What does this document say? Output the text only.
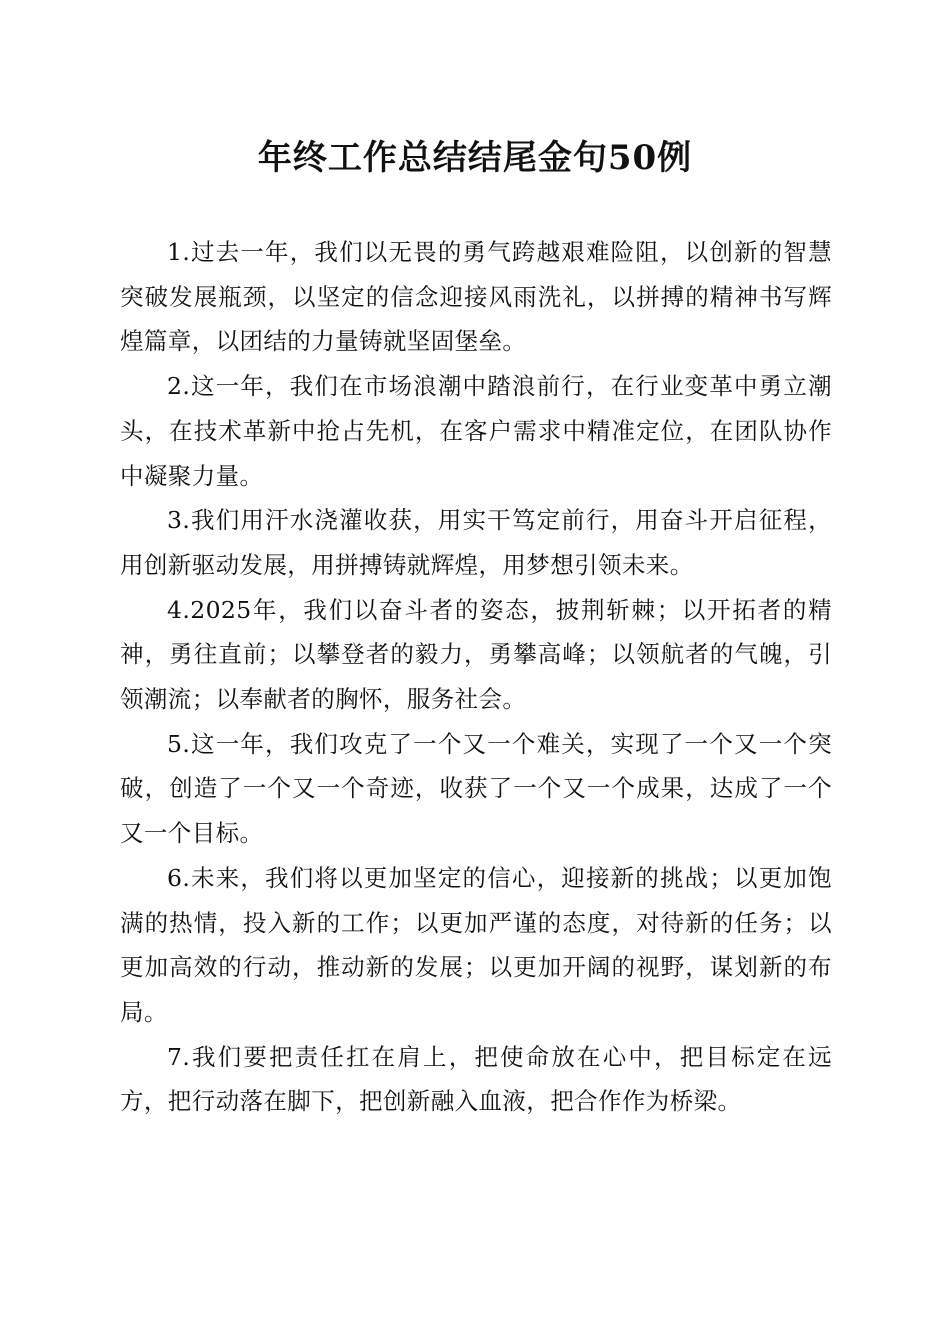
年终工作总结结尾金句50例

1.过去一年，我们以无畏的勇气跨越艰难险阻，以创新的智慧突破发展瓶颈，以坚定的信念迎接风雨洗礼，以拼搏的精神书写辉煌篇章，以团结的力量铸就坚固堡垒。

2.这一年，我们在市场浪潮中踏浪前行，在行业变革中勇立潮头，在技术革新中抢占先机，在客户需求中精准定位，在团队协作中凝聚力量。

3.我们用汗水浇灌收获，用实干笃定前行，用奋斗开启征程，用创新驱动发展，用拼搏铸就辉煌，用梦想引领未来。

4.2025年，我们以奋斗者的姿态，披荆斩棘；以开拓者的精神，勇往直前；以攀登者的毅力，勇攀高峰；以领航者的气魄，引领潮流；以奉献者的胸怀，服务社会。

5.这一年，我们攻克了一个又一个难关，实现了一个又一个突破，创造了一个又一个奇迹，收获了一个又一个成果，达成了一个又一个目标。

6.未来，我们将以更加坚定的信心，迎接新的挑战；以更加饱满的热情，投入新的工作；以更加严谨的态度，对待新的任务；以更加高效的行动，推动新的发展；以更加开阔的视野，谋划新的布局。

7.我们要把责任扛在肩上，把使命放在心中，把目标定在远方，把行动落在脚下，把创新融入血液，把合作作为桥梁。
